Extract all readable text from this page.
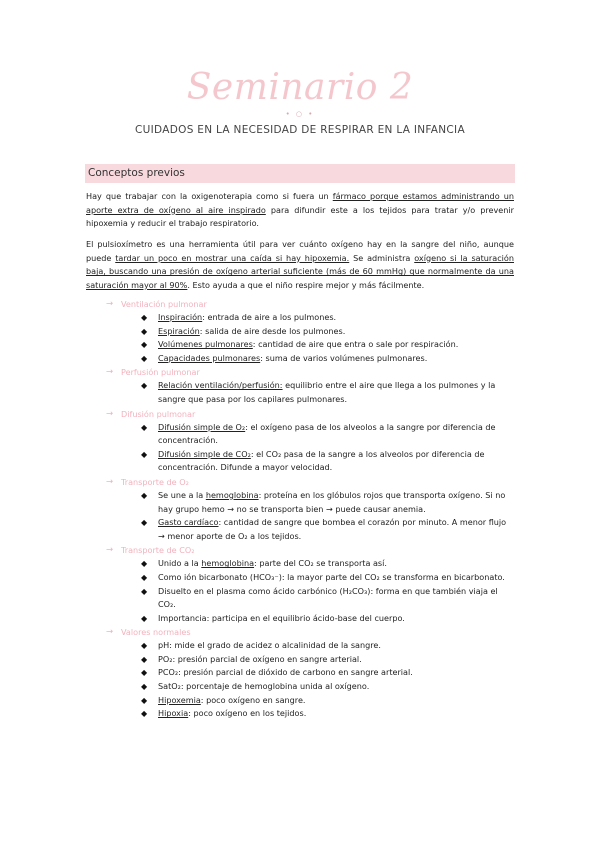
Seminario 2
• ○ •
CUIDADOS EN LA NECESIDAD DE RESPIRAR EN LA INFANCIA
Conceptos previos
Hay que trabajar con la oxigenoterapia como si fuera un fármaco porque estamos administrando un aporte extra de oxígeno al aire inspirado para difundir este a los tejidos para tratar y/o prevenir hipoxemia y reducir el trabajo respiratorio.
El pulsioxímetro es una herramienta útil para ver cuánto oxígeno hay en la sangre del niño, aunque puede tardar un poco en mostrar una caída si hay hipoxemia. Se administra oxígeno si la saturación baja, buscando una presión de oxígeno arterial suficiente (más de 60 mmHg) que normalmente da una saturación mayor al 90%. Esto ayuda a que el niño respire mejor y más fácilmente.
→ Ventilación pulmonar
◆ Inspiración: entrada de aire a los pulmones.
◆ Espiración: salida de aire desde los pulmones.
◆ Volúmenes pulmonares: cantidad de aire que entra o sale por respiración.
◆ Capacidades pulmonares: suma de varios volúmenes pulmonares.
→ Perfusión pulmonar
◆ Relación ventilación/perfusión: equilibrio entre el aire que llega a los pulmones y la sangre que pasa por los capilares pulmonares.
→ Difusión pulmonar
◆ Difusión simple de O₂: el oxígeno pasa de los alveolos a la sangre por diferencia de concentración.
◆ Difusión simple de CO₂: el CO₂ pasa de la sangre a los alveolos por diferencia de concentración. Difunde a mayor velocidad.
→ Transporte de O₂
◆ Se une a la hemoglobina: proteína en los glóbulos rojos que transporta oxígeno. Si no hay grupo hemo → no se transporta bien → puede causar anemia.
◆ Gasto cardíaco: cantidad de sangre que bombea el corazón por minuto. A menor flujo → menor aporte de O₂ a los tejidos.
→ Transporte de CO₂
◆ Unido a la hemoglobina: parte del CO₂ se transporta así.
◆ Como ión bicarbonato (HCO₃⁻): la mayor parte del CO₂ se transforma en bicarbonato.
◆ Disuelto en el plasma como ácido carbónico (H₂CO₃): forma en que también viaja el CO₂.
◆ Importancia: participa en el equilibrio ácido-base del cuerpo.
→ Valores normales
◆ pH: mide el grado de acidez o alcalinidad de la sangre.
◆ PO₂: presión parcial de oxígeno en sangre arterial.
◆ PCO₂: presión parcial de dióxido de carbono en sangre arterial.
◆ SatO₂: porcentaje de hemoglobina unida al oxígeno.
◆ Hipoxemia: poco oxígeno en sangre.
◆ Hipoxia: poco oxígeno en los tejidos.
